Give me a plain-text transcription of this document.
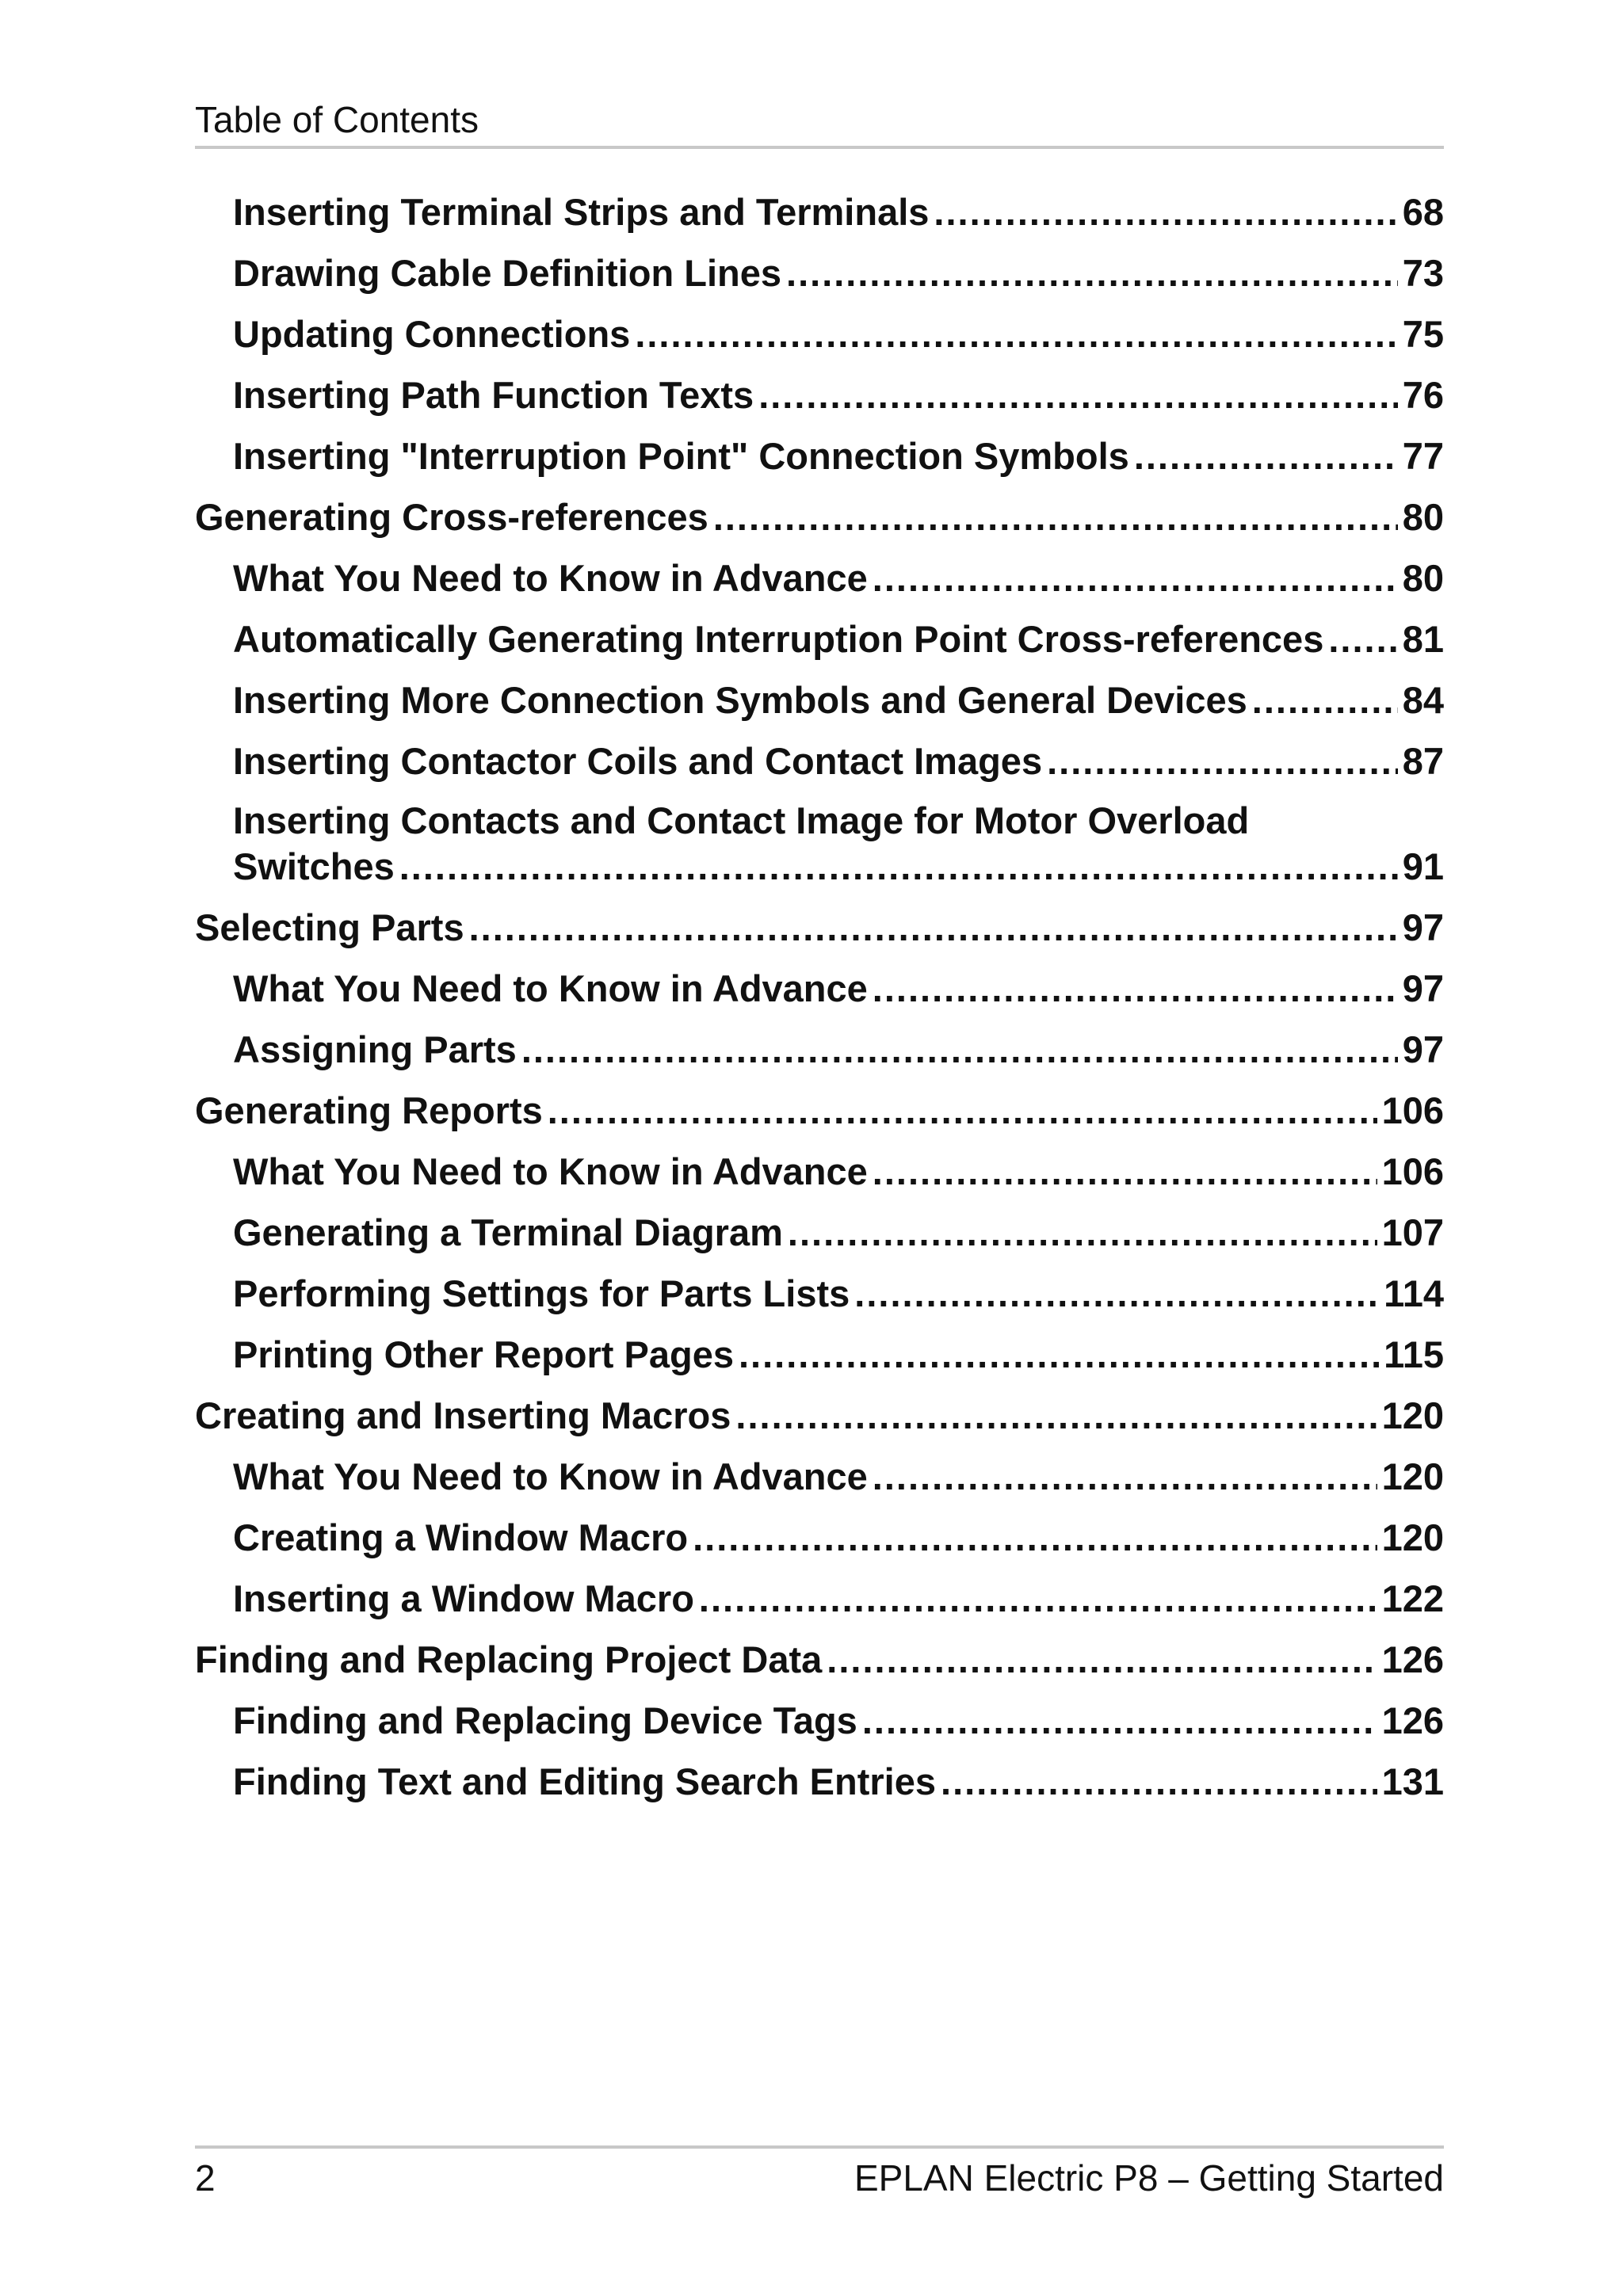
Table of Contents
Inserting Terminal Strips and Terminals .....	68
Drawing Cable Definition Lines .....	73
Updating Connections .....	75
Inserting Path Function Texts .....	76
Inserting "Interruption Point" Connection Symbols .....	77
Generating Cross-references .....	80
What You Need to Know in Advance .....	80
Automatically Generating Interruption Point Cross-references ..... 81
Inserting More Connection Symbols and General Devices .....	84
Inserting Contactor Coils and Contact Images .....	87
Inserting Contacts and Contact Image for Motor Overload
Switches .....	91
Selecting Parts .....	97
What You Need to Know in Advance .....	97
Assigning Parts .....	97
Generating Reports .....	106
What You Need to Know in Advance .....	106
Generating a Terminal Diagram .....	107
Performing Settings for Parts Lists .....	114
Printing Other Report Pages .....	115
Creating and Inserting Macros .....	120
What You Need to Know in Advance .....	120
Creating a Window Macro .....	120
Inserting a Window Macro .....	122
Finding and Replacing Project Data .....	126
Finding and Replacing Device Tags .....	126
Finding Text and Editing Search Entries .....	131
2	EPLAN Electric P8 – Getting Started
